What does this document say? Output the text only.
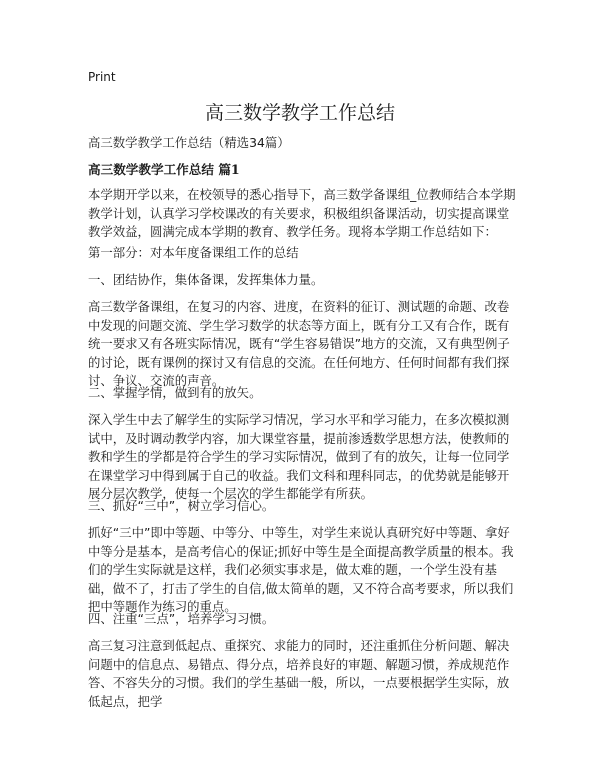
Print
高三数学教学工作总结

高三数学教学工作总结（精选34篇）

高三数学教学工作总结 篇1

本学期开学以来，在校领导的悉心指导下，高三数学备课组_位教师结合本学期教学计划，认真学习学校课改的有关要求，积极组织备课活动，切实提高课堂教学效益，圆满完成本学期的教育、教学任务。现将本学期工作总结如下：

第一部分：对本年度备课组工作的总结

一、团结协作，集体备课，发挥集体力量。

高三数学备课组，在复习的内容、进度，在资料的征订、测试题的命题、改卷中发现的问题交流、学生学习数学的状态等方面上，既有分工又有合作，既有统一要求又有各班实际情况，既有“学生容易错误”地方的交流，又有典型例子的讨论，既有课例的探讨又有信息的交流。在任何地方、任何时间都有我们探讨、争议、交流的声音。

二、掌握学情，做到有的放矢。

深入学生中去了解学生的实际学习情况，学习水平和学习能力，在多次模拟测试中，及时调动教学内容，加大课堂容量，提前渗透数学思想方法，使教师的教和学生的学都是符合学生的学习实际情况，做到了有的放矢，让每一位同学在课堂学习中得到属于自己的收益。我们文科和理科同志，的优势就是能够开展分层次教学，使每一个层次的学生都能学有所获。

三、抓好“三中”，树立学习信心。

抓好“三中”即中等题、中等分、中等生，对学生来说认真研究好中等题、拿好中等分是基本，是高考信心的保证;抓好中等生是全面提高教学质量的根本。我们的学生实际就是这样，我们必须实事求是，做太难的题，一个学生没有基础，做不了，打击了学生的自信,做太简单的题，又不符合高考要求，所以我们把中等题作为练习的重点。

四、注重“三点”，培养学习习惯。

高三复习注意到低起点、重探究、求能力的同时，还注重抓住分析问题、解决问题中的信息点、易错点、得分点，培养良好的审题、解题习惯，养成规范作答、不容失分的习惯。我们的学生基础一般，所以，一点要根据学生实际，放低起点，把学
